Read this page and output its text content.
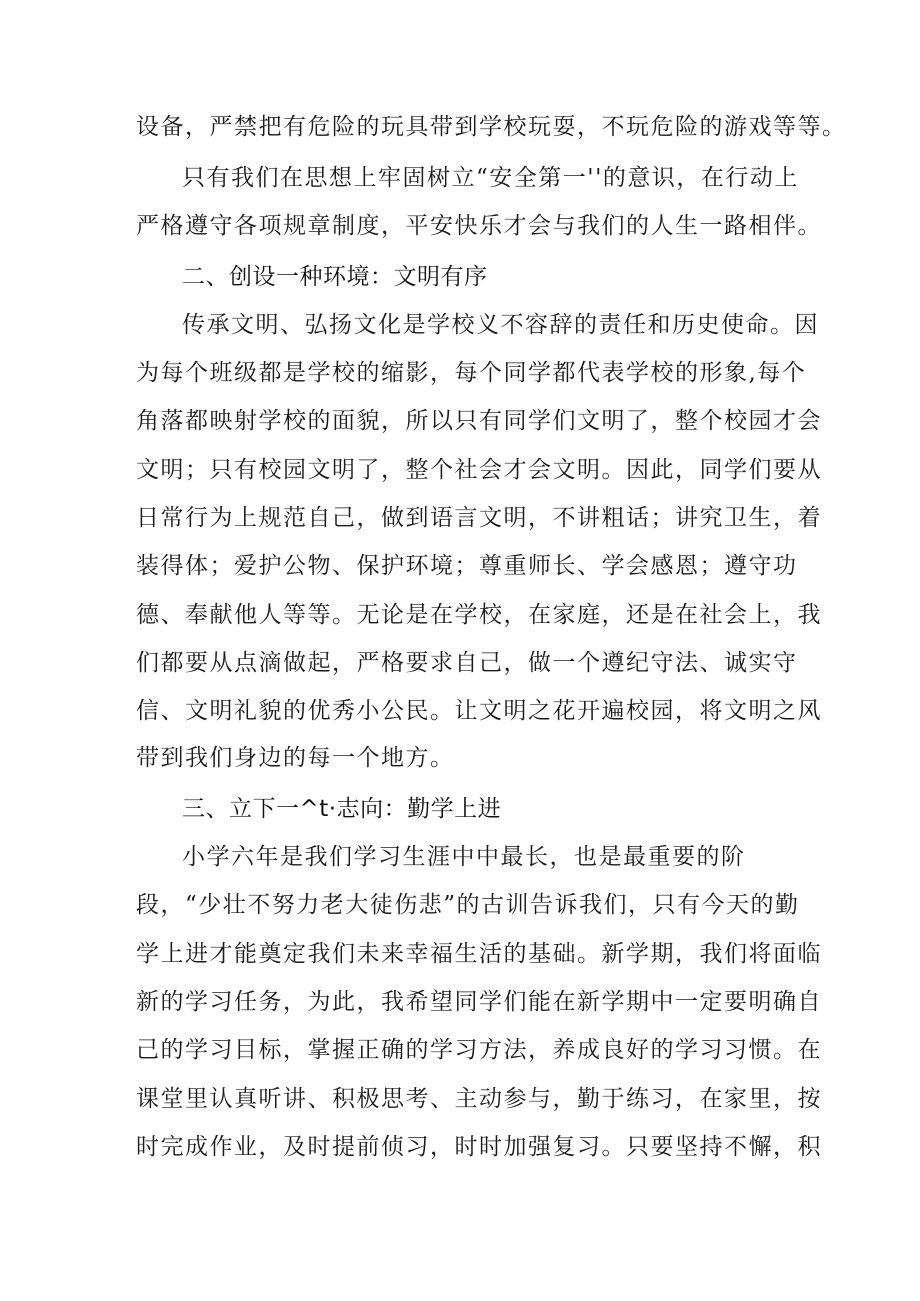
设备，严禁把有危险的玩具带到学校玩耍，不玩危险的游戏等等。
只有我们在思想上牢固树立“安全第一''的意识，在行动上
严格遵守各项规章制度，平安快乐才会与我们的人生一路相伴。
二、创设一种环境：文明有序
传承文明、弘扬文化是学校义不容辞的责任和历史使命。因
为每个班级都是学校的缩影，每个同学都代表学校的形象,每个
角落都映射学校的面貌，所以只有同学们文明了，整个校园才会
文明；只有校园文明了，整个社会才会文明。因此，同学们要从
日常行为上规范自己，做到语言文明，不讲粗话；讲究卫生，着
装得体；爱护公物、保护环境；尊重师长、学会感恩；遵守功
德、奉献他人等等。无论是在学校，在家庭，还是在社会上，我
们都要从点滴做起，严格要求自己，做一个遵纪守法、诚实守
信、文明礼貌的优秀小公民。让文明之花开遍校园，将文明之风
带到我们身边的每一个地方。
三、立下一^t·志向：勤学上进
小学六年是我们学习生涯中中最长，也是最重要的阶
段，“少壮不努力老大徒伤悲”的古训告诉我们，只有今天的勤
学上进才能奠定我们未来幸福生活的基础。新学期，我们将面临
新的学习任务，为此，我希望同学们能在新学期中一定要明确自
己的学习目标，掌握正确的学习方法，养成良好的学习习惯。在
课堂里认真听讲、积极思考、主动参与，勤于练习，在家里，按
时完成作业，及时提前侦习，时时加强复习。只要坚持不懈，积
